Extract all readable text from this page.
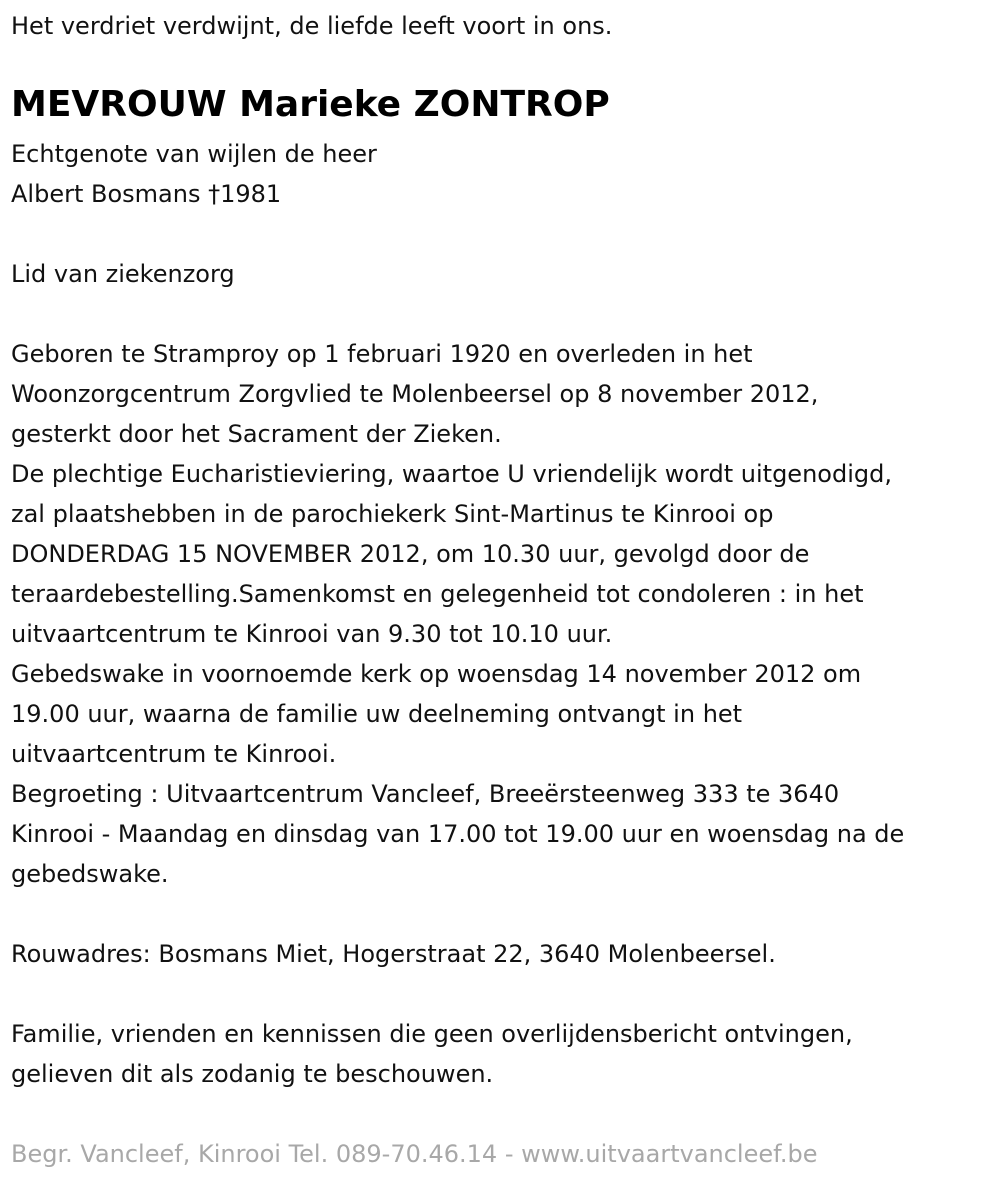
Het verdriet verdwijnt, de liefde leeft voort in ons.
MEVROUW Marieke ZONTROP
Echtgenote van wijlen de heer
Albert Bosmans †1981
Lid van ziekenzorg
Geboren te Stramproy op 1 februari 1920 en overleden in het
Woonzorgcentrum Zorgvlied te Molenbeersel op 8 november 2012,
gesterkt door het Sacrament der Zieken.
De plechtige Eucharistieviering, waartoe U vriendelijk wordt uitgenodigd,
zal plaatshebben in de parochiekerk Sint-Martinus te Kinrooi op
DONDERDAG 15 NOVEMBER 2012, om 10.30 uur, gevolgd door de
teraardebestelling.Samenkomst en gelegenheid tot condoleren : in het
uitvaartcentrum te Kinrooi van 9.30 tot 10.10 uur.
Gebedswake in voornoemde kerk op woensdag 14 november 2012 om
19.00 uur, waarna de familie uw deelneming ontvangt in het
uitvaartcentrum te Kinrooi.
Begroeting : Uitvaartcentrum Vancleef, Breeërsteenweg 333 te 3640
Kinrooi - Maandag en dinsdag van 17.00 tot 19.00 uur en woensdag na de
gebedswake.
Rouwadres: Bosmans Miet, Hogerstraat 22, 3640 Molenbeersel.
Familie, vrienden en kennissen die geen overlijdensbericht ontvingen,
gelieven dit als zodanig te beschouwen.
Begr. Vancleef, Kinrooi Tel. 089-70.46.14 - www.uitvaartvancleef.be
